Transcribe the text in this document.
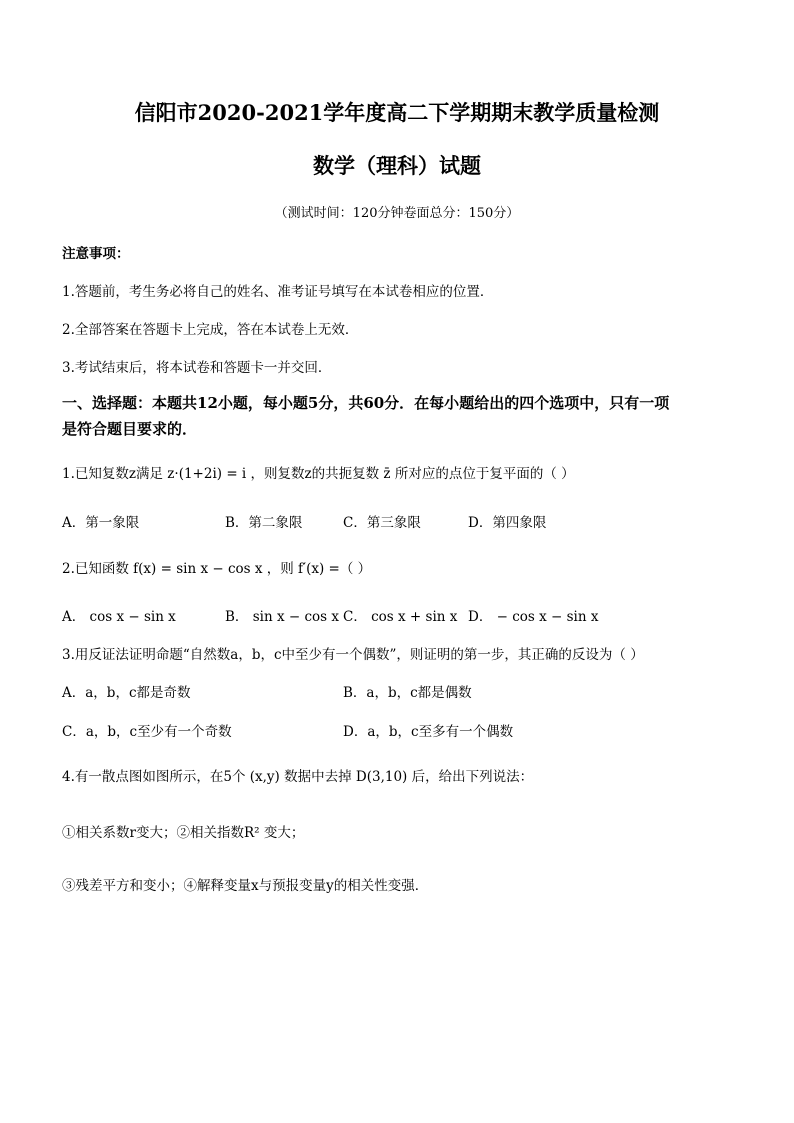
信阳市2020-2021学年度高二下学期期末教学质量检测
数学（理科）试题
（测试时间：120分钟卷面总分：150分）
注意事项：
1.答题前，考生务必将自己的姓名、准考证号填写在本试卷相应的位置．
2.全部答案在答题卡上完成，答在本试卷上无效．
3.考试结束后，将本试卷和答题卡一并交回．
一、选择题：本题共12小题，每小题5分，共60分．在每小题给出的四个选项中，只有一项
是符合题目要求的．
1.已知复数z满足 z·(1+2i) = i ，则复数z的共扼复数 z̄ 所对应的点位于复平面的（ ）
A．第一象限	B．第二象限	C．第三象限	D．第四象限
2.已知函数 f(x) = sin x − cos x ，则 f′(x) =（ ）
A． cos x − sin x	B． sin x − cos x C． cos x + sin x D． − cos x − sin x
3.用反证法证明命题“自然数a，b，c中至少有一个偶数”，则证明的第一步，其正确的反设为（ ）
A．a，b，c都是奇数	B．a，b，c都是偶数
C．a，b，c至少有一个奇数	D．a，b，c至多有一个偶数
4.有一散点图如图所示，在5个 (x,y) 数据中去掉 D(3,10) 后，给出下列说法：
①相关系数r变大；②相关指数R² 变大；
③残差平方和变小；④解释变量x与预报变量y的相关性变强．
